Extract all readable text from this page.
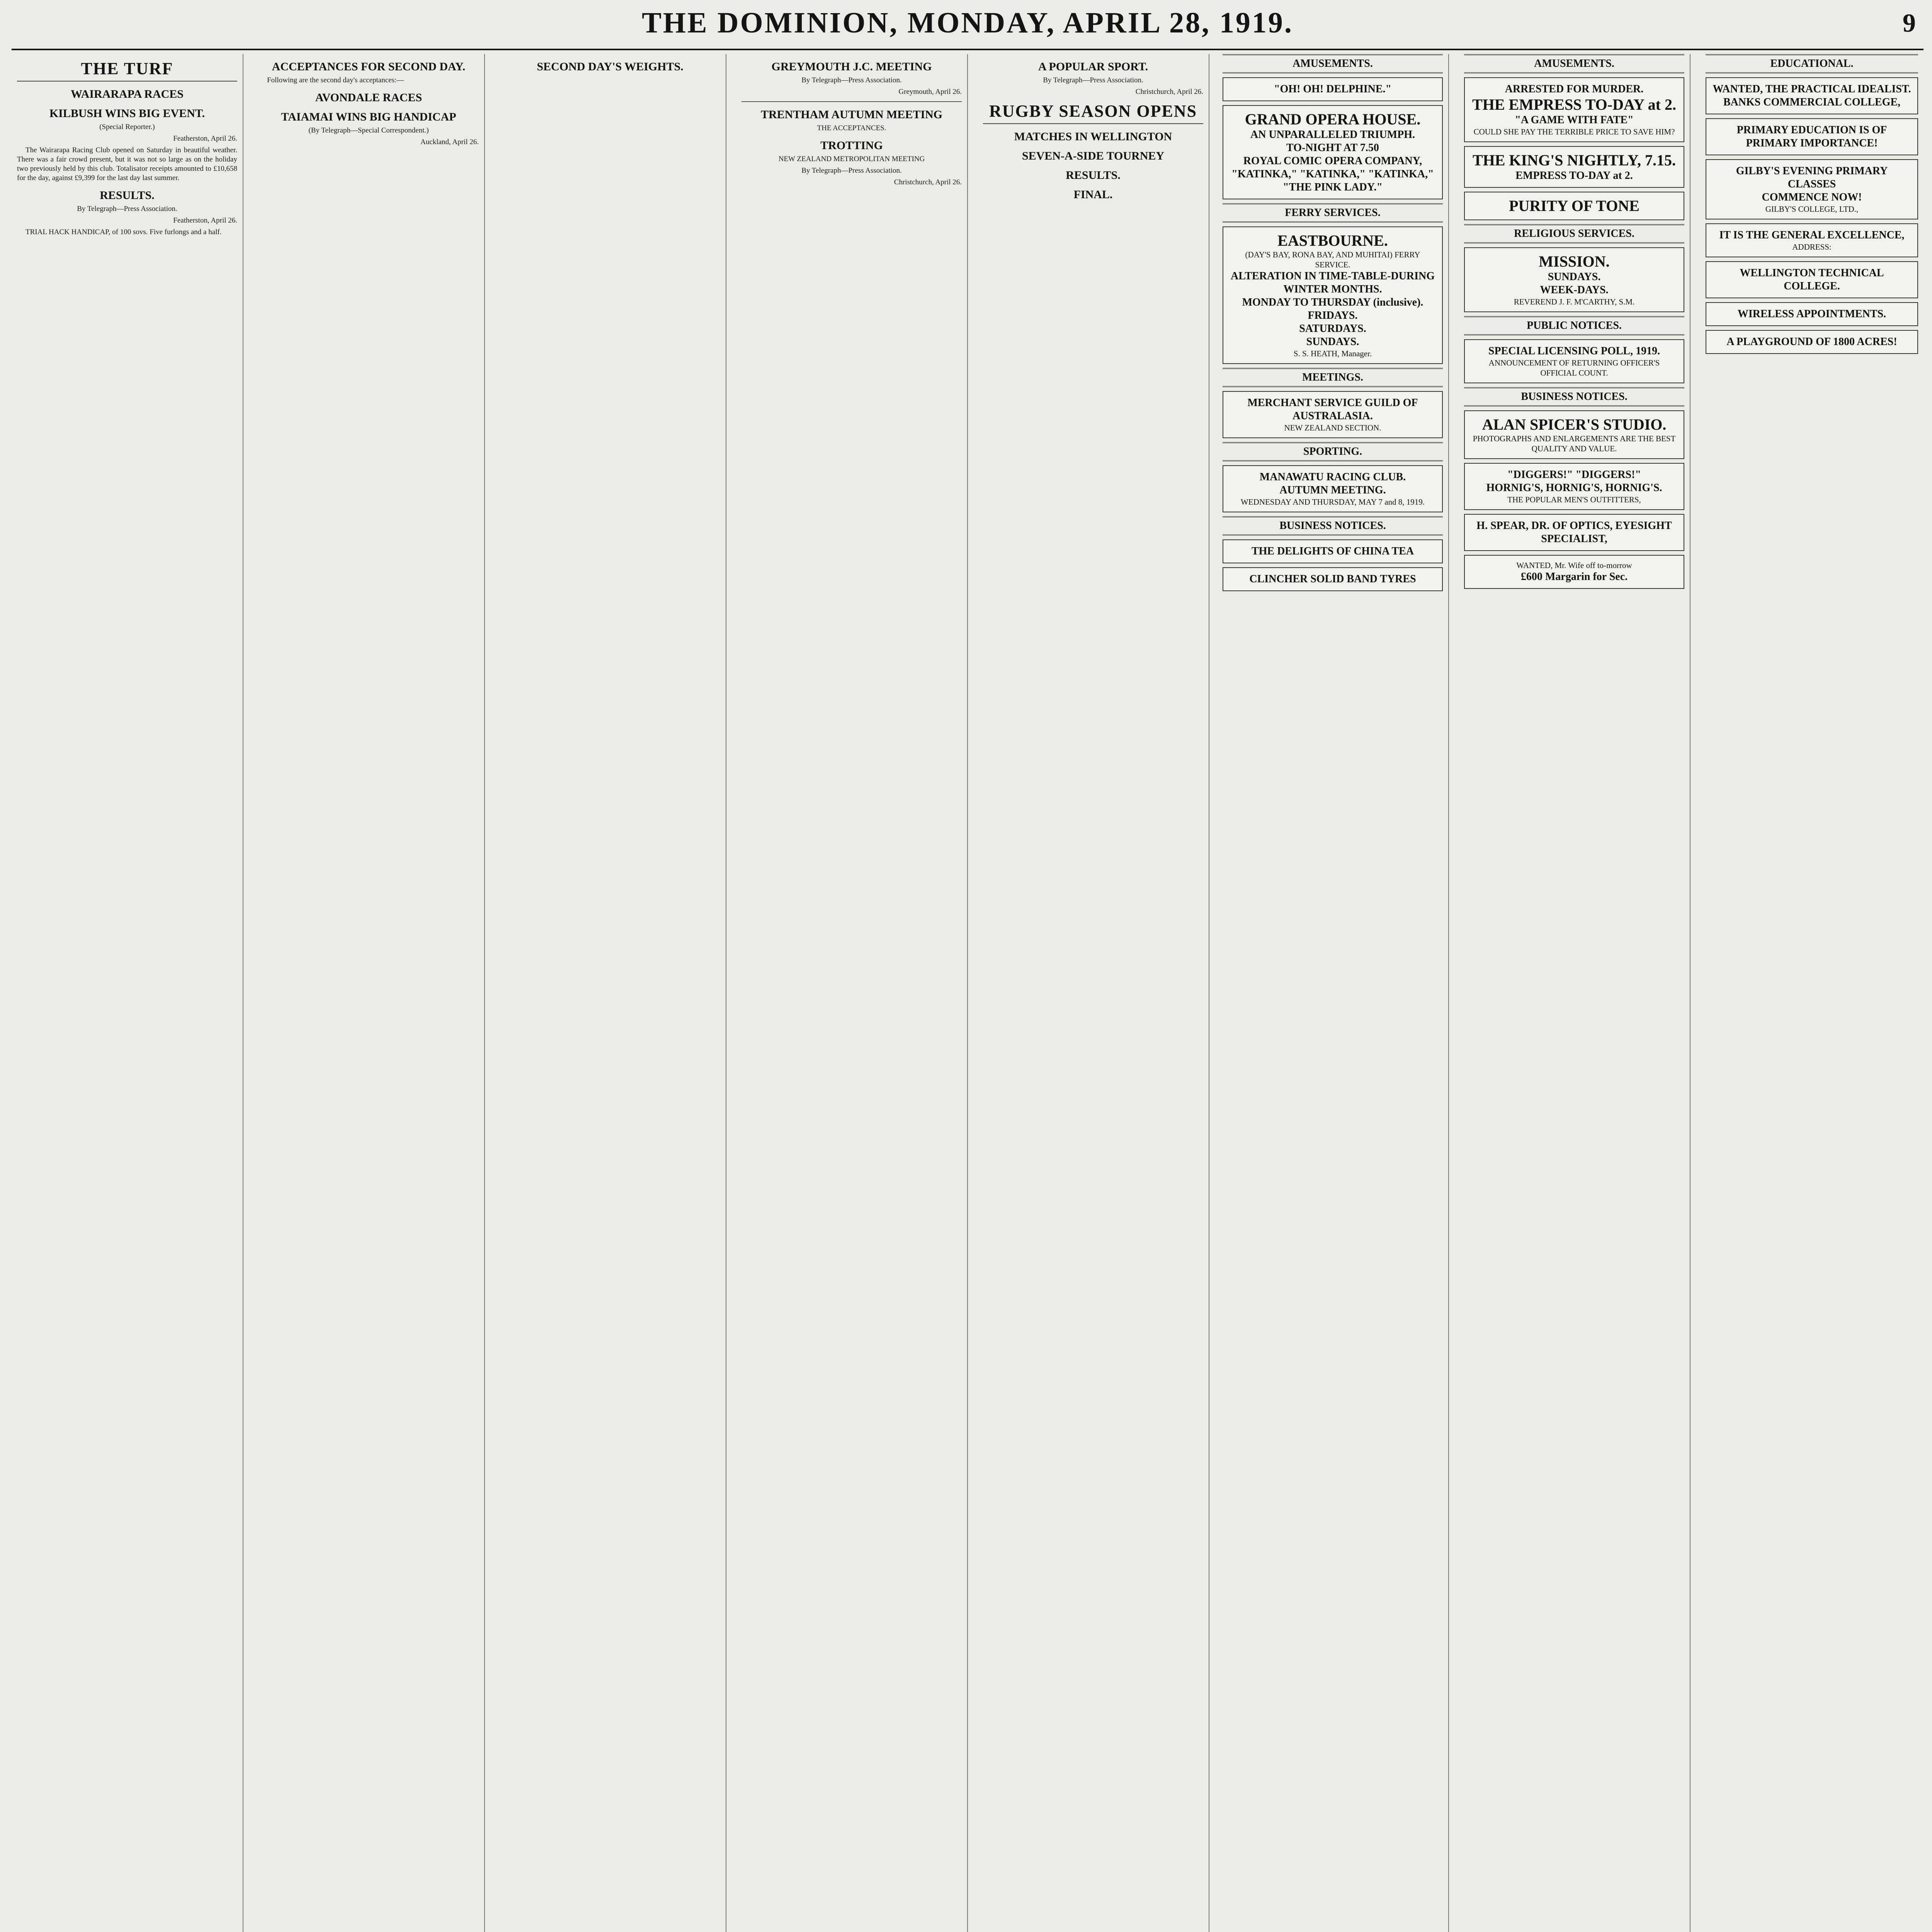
THE DOMINION, MONDAY, APRIL 28, 1919.	9
THE TURF
WAIRARAPA RACES
KILBUSH WINS BIG EVENT.

(Special Reporter.)

Featherston, April 26.

The Wairarapa Racing Club opened on Saturday in beautiful weather. There was a fair crowd present, but it was not so large as on the holiday two previously held by this club. Totalisator receipts amounted to £10,658 for the day, against £9,399 for the last day last summer.

RESULTS.

By Telegraph—Press Association.

Featherston, April 26.

TRIAL HACK HANDICAP, of 100 sovs. Five furlongs and a half.

ACCEPTANCES FOR SECOND DAY.

Following are the second day's acceptances:—

AVONDALE RACES
TAIAMAI WINS BIG HANDICAP

(By Telegraph—Special Correspondent.)

Auckland, April 26.

SECOND DAY'S WEIGHTS.	GREYMOUTH J.C. MEETING

By Telegraph—Press Association.

Greymouth, April 26.

TRENTHAM AUTUMN MEETING

THE ACCEPTANCES.

TROTTING

NEW ZEALAND METROPOLITAN MEETING

By Telegraph—Press Association.

Christchurch, April 26.

A POPULAR SPORT.

By Telegraph—Press Association.

Christchurch, April 26.

RUGBY SEASON OPENS
MATCHES IN WELLINGTON
SEVEN-A-SIDE TOURNEY
RESULTS.
FINAL.
AMUSEMENTS.
"OH! OH! DELPHINE."
GRAND OPERA HOUSE.
AN UNPARALLELED TRIUMPH.
TO-NIGHT AT 7.50
ROYAL COMIC OPERA COMPANY,
"KATINKA," "KATINKA," "KATINKA,"
"THE PINK LADY."
FERRY SERVICES.
EASTBOURNE.
(DAY'S BAY, RONA BAY, AND MUHITAI) FERRY SERVICE.
ALTERATION IN TIME-TABLE-DURING WINTER MONTHS.
MONDAY TO THURSDAY (inclusive).
FRIDAYS.
SATURDAYS.
SUNDAYS.
S. S. HEATH, Manager.
MEETINGS.
MERCHANT SERVICE GUILD OF AUSTRALASIA.
NEW ZEALAND SECTION.
SPORTING.
MANAWATU RACING CLUB.
AUTUMN MEETING.
WEDNESDAY AND THURSDAY, MAY 7 and 8, 1919.
BUSINESS NOTICES.
THE DELIGHTS OF CHINA TEA
CLINCHER SOLID BAND TYRES
AMUSEMENTS.
ARRESTED FOR MURDER.
THE EMPRESS TO-DAY at 2.
"A GAME WITH FATE"
COULD SHE PAY THE TERRIBLE PRICE TO SAVE HIM?
THE KING'S NIGHTLY, 7.15.
EMPRESS TO-DAY at 2.
PURITY OF TONE
RELIGIOUS SERVICES.
MISSION.
SUNDAYS.
WEEK-DAYS.
REVEREND J. F. M'CARTHY, S.M.
PUBLIC NOTICES.
SPECIAL LICENSING POLL, 1919.
ANNOUNCEMENT OF RETURNING OFFICER'S OFFICIAL COUNT.
BUSINESS NOTICES.
ALAN SPICER'S STUDIO.
PHOTOGRAPHS AND ENLARGEMENTS ARE THE BEST QUALITY AND VALUE.
"DIGGERS!" "DIGGERS!"
HORNIG'S, HORNIG'S, HORNIG'S.
THE POPULAR MEN'S OUTFITTERS,
H. SPEAR, DR. OF OPTICS, EYESIGHT SPECIALIST,
WANTED, Mr. Wife off to-morrow
£600 Margarin for Sec.
EDUCATIONAL.
WANTED, THE PRACTICAL IDEALIST.
BANKS COMMERCIAL COLLEGE,
PRIMARY EDUCATION IS OF PRIMARY IMPORTANCE!
GILBY'S EVENING PRIMARY CLASSES
COMMENCE NOW!
GILBY'S COLLEGE, LTD.,
IT IS THE GENERAL EXCELLENCE,
ADDRESS:
WELLINGTON TECHNICAL COLLEGE.
WIRELESS APPOINTMENTS.
A PLAYGROUND OF 1800 ACRES!
